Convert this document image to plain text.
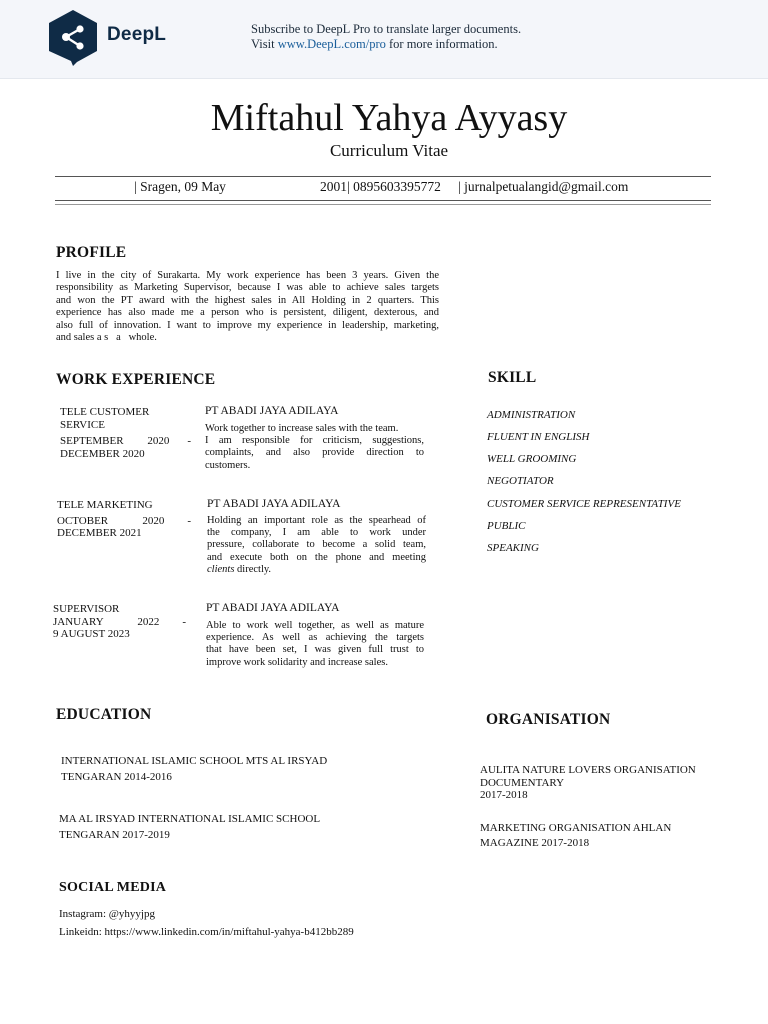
DeepL	Subscribe to DeepL Pro to translate larger documents.
Visit www.DeepL.com/pro for more information.
Miftahul Yahya Ayyasy
Curriculum Vitae
| Sragen, 09 May	2001| 0895603395772 | jurnalpetualangid@gmail.com
PROFILE
I live in the city of Surakarta. My work experience has been 3 years. Given the
responsibility as Marketing Supervisor, because I was able to achieve sales targets
and won the PT award with the highest sales in All Holding in 2 quarters. This
experience has also made me a person who is persistent, diligent, dexterous, and
also full of innovation. I want to improve my experience in leadership, marketing,
and sales a s   a   whole.
WORK EXPERIENCE
TELE CUSTOMER
SERVICE
SEPTEMBER 2020 -
DECEMBER 2020
PT ABADI JAYA ADILAYA
Work together to increase sales with the team.
I am responsible for criticism, suggestions,
complaints, and also provide direction to
customers.
TELE MARKETING
OCTOBER	2020 -
DECEMBER 2021
PT ABADI JAYA ADILAYA
Holding an important role as the spearhead of
the company, I am able to work under
pressure, collaborate to become a solid team,
and execute both on the phone and meeting
clients directly.
SUPERVISOR
JANUARY	2022 -
9 AUGUST 2023
PT ABADI JAYA ADILAYA
Able to work well together, as well as mature
experience. As well as achieving the targets
that have been set, I was given full trust to
improve work solidarity and increase sales.
SKILL
ADMINISTRATION
FLUENT IN ENGLISH
WELL GROOMING
NEGOTIATOR
CUSTOMER SERVICE REPRESENTATIVE
PUBLIC
SPEAKING
EDUCATION
INTERNATIONAL ISLAMIC SCHOOL MTS AL IRSYAD
TENGARAN 2014-2016
MA AL IRSYAD INTERNATIONAL ISLAMIC SCHOOL
TENGARAN 2017-2019
ORGANISATION
AULITA NATURE LOVERS ORGANISATION
DOCUMENTARY
2017-2018
MARKETING ORGANISATION AHLAN
MAGAZINE 2017-2018
SOCIAL MEDIA
Instagram: @yhyyjpg
Linkeidn: https://www.linkedin.com/in/miftahul-yahya-b412bb289
